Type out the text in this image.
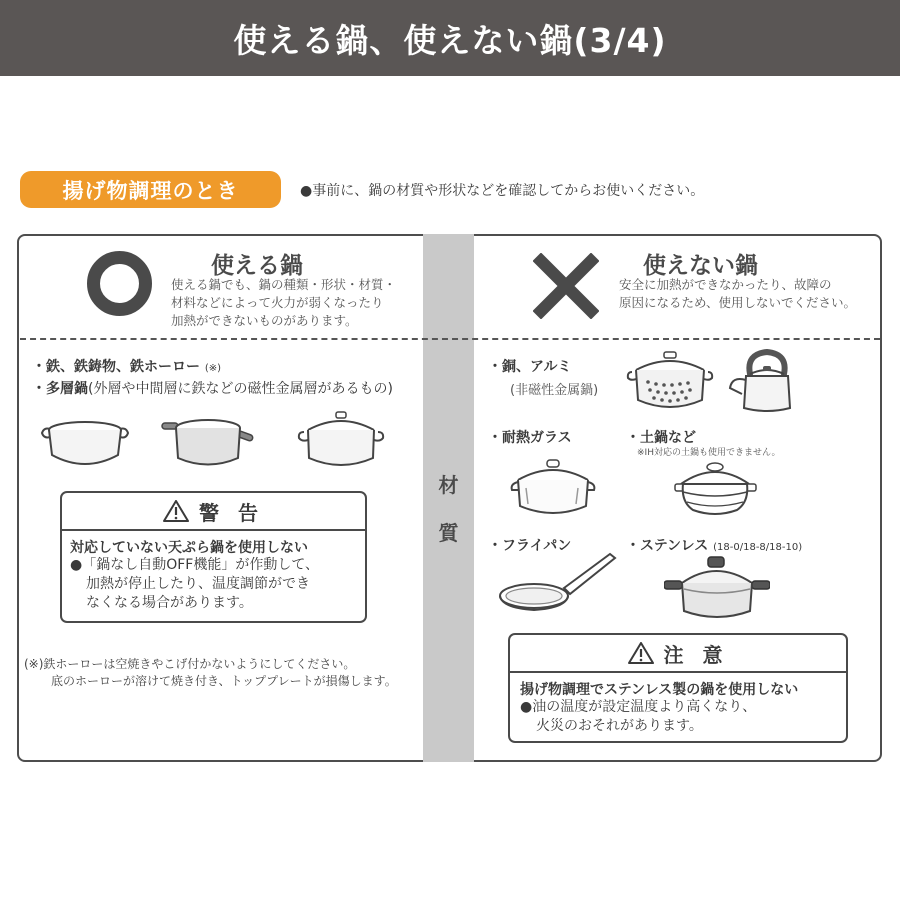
使える鍋、使えない鍋(3/4)
揚げ物調理のとき	●事前に、鍋の材質や形状などを確認してからお使いください。
材
質
使える鍋
使える鍋でも、鍋の種類・形状・材質・
材料などによって火力が弱くなったり
加熱ができないものがあります。
使えない鍋
安全に加熱ができなかったり、故障の
原因になるため、使用しないでください。
・鉄、鉄鋳物、鉄ホーロー (※)
・多層鍋(外層や中間層に鉄などの磁性金属層があるもの)
警 告
対応していない天ぷら鍋を使用しない
●「鍋なし自動OFF機能」が作動して、
加熱が停止したり、温度調節ができ
なくなる場合があります。
(※)鉄ホーローは空焼きやこげ付かないようにしてください。
底のホーローが溶けて焼き付き、トッププレートが損傷します。
・銅、アルミ
(非磁性金属鍋)
・耐熱ガラス	・土鍋など
※IH対応の土鍋も使用できません。
・フライパン	・ステンレス (18-0/18-8/18-10)
注 意
揚げ物調理でステンレス製の鍋を使用しない
●油の温度が設定温度より高くなり、
火災のおそれがあります。
